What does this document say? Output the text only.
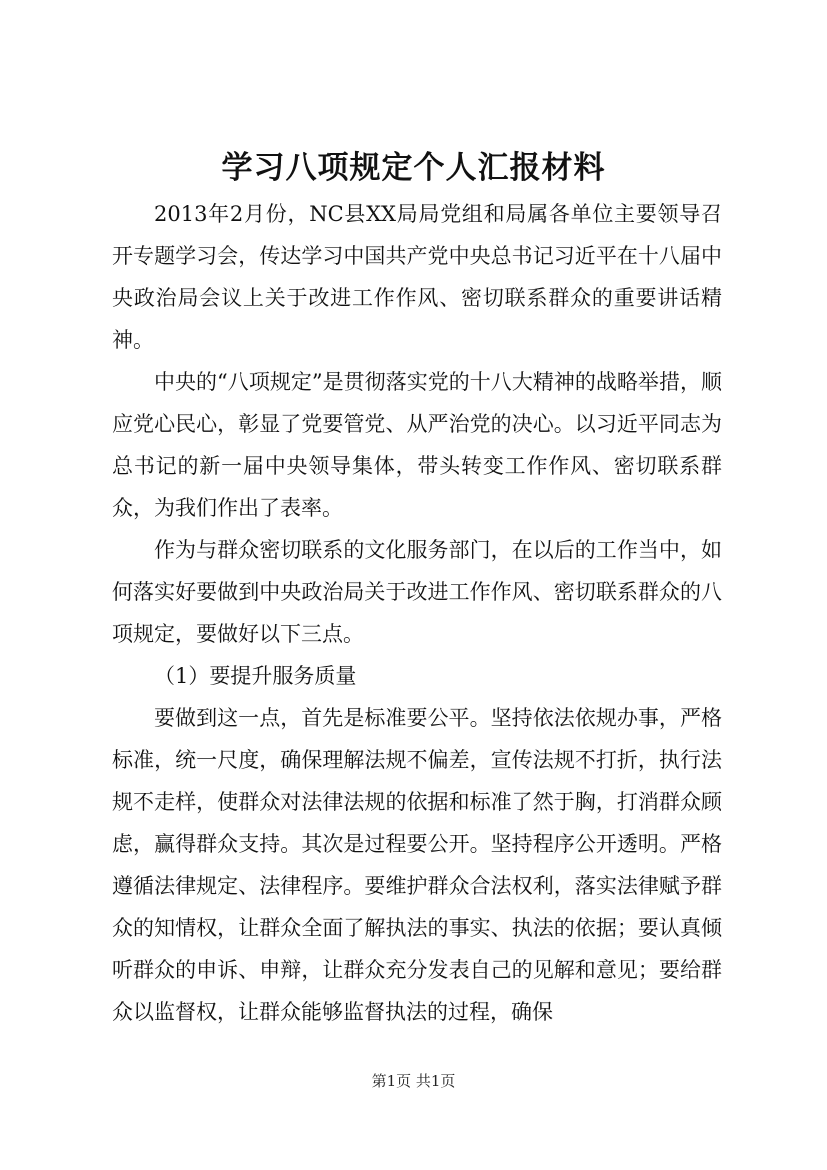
学习八项规定个人汇报材料

2013年2月份，NC县XX局局党组和局属各单位主要领导召开专题学习会，传达学习中国共产党中央总书记习近平在十八届中央政治局会议上关于改进工作作风、密切联系群众的重要讲话精神。

中央的“八项规定”是贯彻落实党的十八大精神的战略举措，顺应党心民心，彰显了党要管党、从严治党的决心。以习近平同志为总书记的新一届中央领导集体，带头转变工作作风、密切联系群众，为我们作出了表率。

作为与群众密切联系的文化服务部门，在以后的工作当中，如何落实好要做到中央政治局关于改进工作作风、密切联系群众的八项规定，要做好以下三点。

（1）要提升服务质量

要做到这一点，首先是标准要公平。坚持依法依规办事，严格标准，统一尺度，确保理解法规不偏差，宣传法规不打折，执行法规不走样，使群众对法律法规的依据和标准了然于胸，打消群众顾虑，赢得群众支持。其次是过程要公开。坚持程序公开透明。严格遵循法律规定、法律程序。要维护群众合法权利，落实法律赋予群众的知情权，让群众全面了解执法的事实、执法的依据；要认真倾听群众的申诉、申辩，让群众充分发表自己的见解和意见；要给群众以监督权，让群众能够监督执法的过程，确保

第1页 共1页
